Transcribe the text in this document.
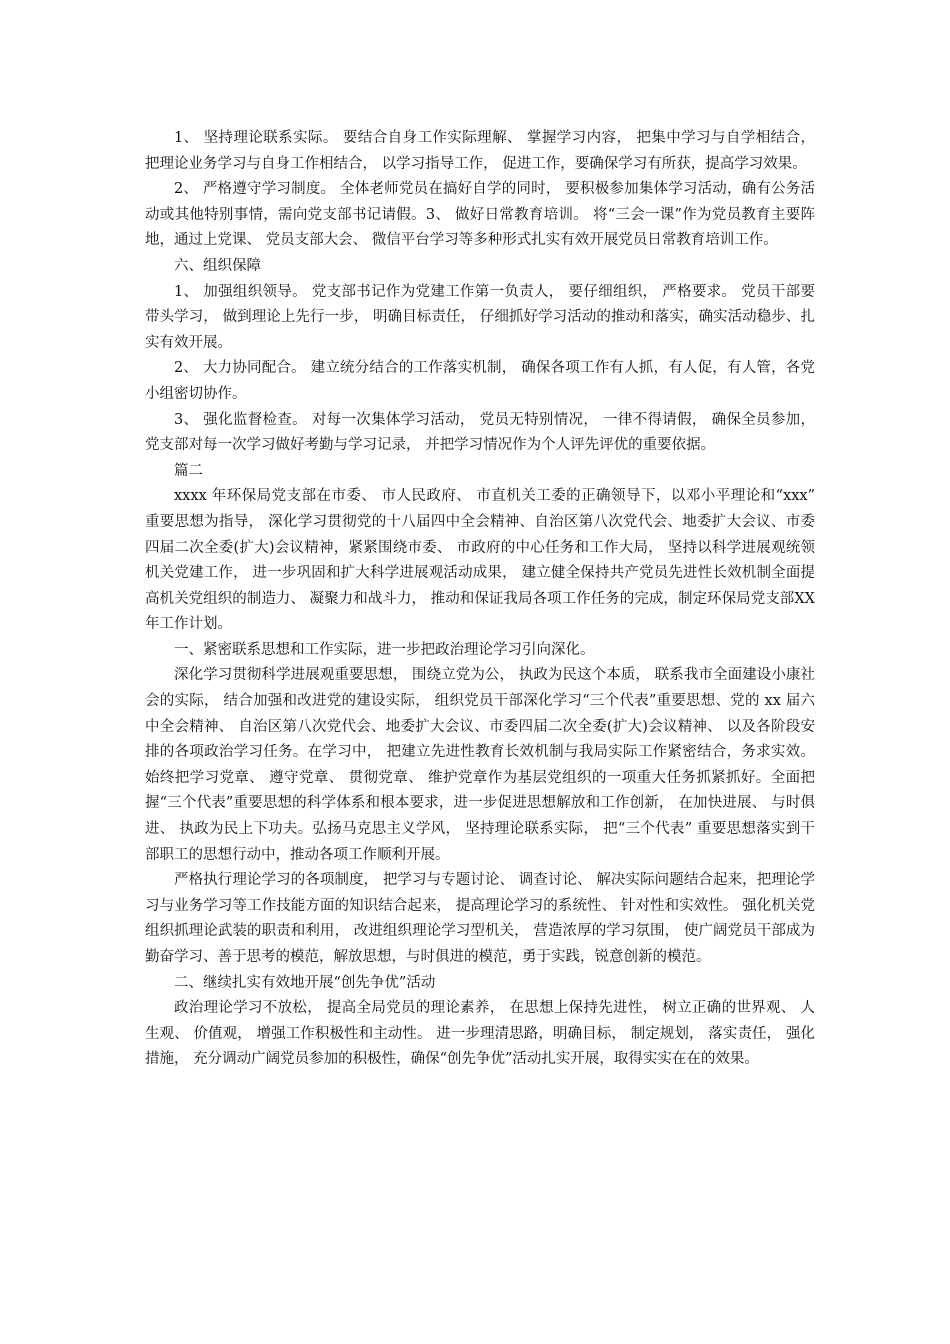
1、 坚持理论联系实际。 要结合自身工作实际理解、 掌握学习内容， 把集中学习与自学相结合， 把理论业务学习与自身工作相结合， 以学习指导工作， 促进工作，要确保学习有所获，提高学习效果。

2、 严格遵守学习制度。 全体老师党员在搞好自学的同时， 要积极参加集体学习活动，确有公务活动或其他特别事情，需向党支部书记请假。3、 做好日常教育培训。 将“三会一课”作为党员教育主要阵地，通过上党课、 党员支部大会、 微信平台学习等多种形式扎实有效开展党员日常教育培训工作。

六、组织保障

1、 加强组织领导。 党支部书记作为党建工作第一负责人， 要仔细组织， 严格要求。 党员干部要带头学习， 做到理论上先行一步， 明确目标责任， 仔细抓好学习活动的推动和落实，确实活动稳步、扎实有效开展。

2、 大力协同配合。 建立统分结合的工作落实机制， 确保各项工作有人抓，有人促，有人管，各党小组密切协作。

3、 强化监督检查。 对每一次集体学习活动， 党员无特别情况， 一律不得请假， 确保全员参加， 党支部对每一次学习做好考勤与学习记录， 并把学习情况作为个人评先评优的重要依据。

篇二

xxxx 年环保局党支部在市委、 市人民政府、 市直机关工委的正确领导下，以邓小平理论和“xxx” 重要思想为指导， 深化学习贯彻党的十八届四中全会精神、自治区第八次党代会、地委扩大会议、市委四届二次全委(扩大)会议精神，紧紧围绕市委、 市政府的中心任务和工作大局， 坚持以科学进展观统领机关党建工作， 进一步巩固和扩大科学进展观活动成果， 建立健全保持共产党员先进性长效机制全面提高机关党组织的制造力、 凝聚力和战斗力， 推动和保证我局各项工作任务的完成，制定环保局党支部XX 年工作计划。

一、紧密联系思想和工作实际，进一步把政治理论学习引向深化。

深化学习贯彻科学进展观重要思想， 围绕立党为公， 执政为民这个本质， 联系我市全面建设小康社会的实际， 结合加强和改进党的建设实际， 组织党员干部深化学习“三个代表”重要思想、党的 xx 届六中全会精神、 自治区第八次党代会、地委扩大会议、市委四届二次全委(扩大)会议精神、 以及各阶段安排的各项政治学习任务。在学习中， 把建立先进性教育长效机制与我局实际工作紧密结合，务求实效。 始终把学习党章、 遵守党章、 贯彻党章、 维护党章作为基层党组织的一项重大任务抓紧抓好。全面把握“三个代表”重要思想的科学体系和根本要求，进一步促进思想解放和工作创新， 在加快进展、 与时俱进、 执政为民上下功夫。弘扬马克思主义学风， 坚持理论联系实际， 把“三个代表” 重要思想落实到干部职工的思想行动中，推动各项工作顺利开展。

严格执行理论学习的各项制度， 把学习与专题讨论、 调查讨论、 解决实际问题结合起来，把理论学习与业务学习等工作技能方面的知识结合起来， 提高理论学习的系统性、 针对性和实效性。 强化机关党组织抓理论武装的职责和利用， 改进组织理论学习型机关， 营造浓厚的学习氛围， 使广阔党员干部成为勤奋学习、善于思考的模范，解放思想，与时俱进的模范，勇于实践，锐意创新的模范。

二、继续扎实有效地开展“创先争优”活动

政治理论学习不放松， 提高全局党员的理论素养， 在思想上保持先进性， 树立正确的世界观、 人生观、 价值观， 增强工作积极性和主动性。 进一步理清思路，明确目标， 制定规划， 落实责任， 强化措施， 充分调动广阔党员参加的积极性，确保“创先争优”活动扎实开展，取得实实在在的效果。
